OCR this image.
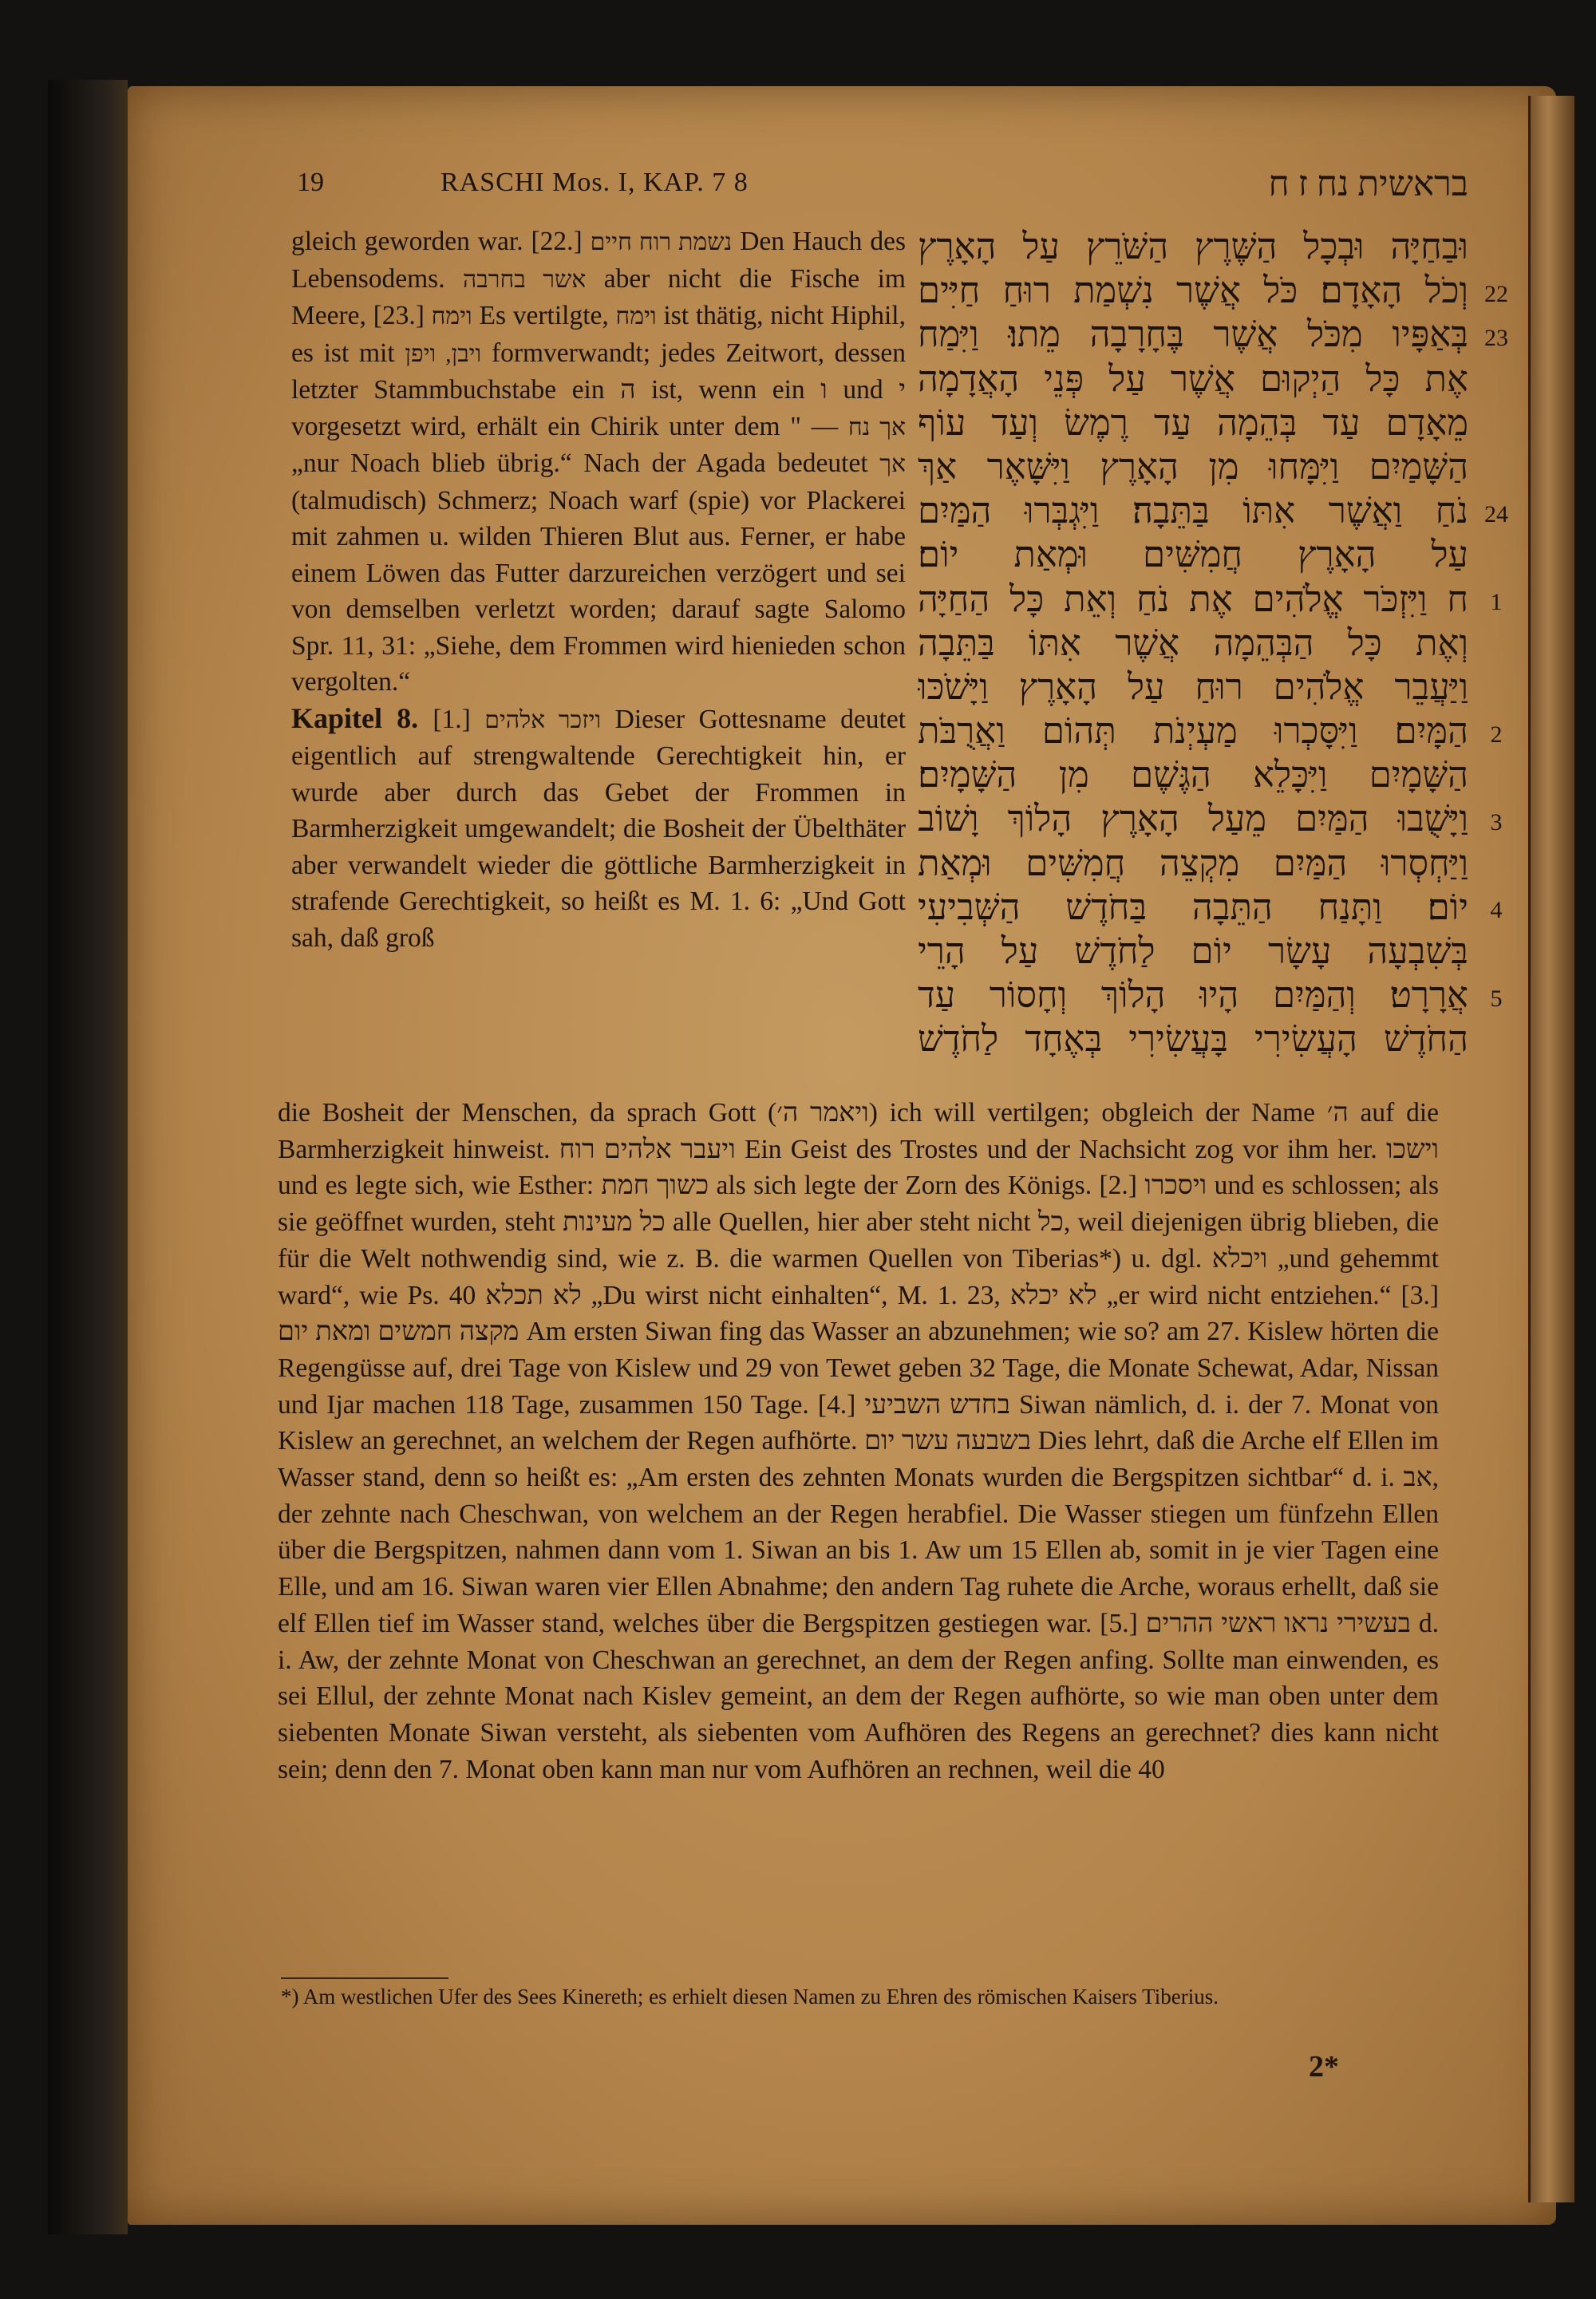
19	RASCHI Mos. I, KAP. 7 8	בראשית נח ז ח

gleich geworden war. [22.] נשמת רוח חיים Den Hauch des Lebensodems. אשר בחרבה aber nicht die Fische im Meere, [23.] וימח Es vertilgte, וימח ist thätig, nicht Hiphil, es ist mit ויבן, ויפן formverwandt; jedes Zeitwort, dessen letzter Stammbuchstabe ein ה ist, wenn ein ו und י vorgesetzt wird, erhält ein Chirik unter dem " — אך נח „nur Noach blieb übrig.“ Nach der Agada bedeutet אך (talmudisch) Schmerz; Noach warf (spie) vor Plackerei mit zahmen u. wilden Thieren Blut aus. Ferner, er habe einem Löwen das Futter darzureichen verzögert und sei von demselben verletzt worden; darauf sagte Salomo Spr. 11, 31: „Siehe, dem Frommen wird hienieden schon vergolten.“

Kapitel 8. [1.] ויזכר אלהים Dieser Gottesname deutet eigentlich auf strengwaltende Gerechtigkeit hin, er wurde aber durch das Gebet der Frommen in Barmherzigkeit umgewandelt; die Bosheit der Übelthäter aber verwandelt wieder die göttliche Barmherzigkeit in strafende Gerechtigkeit, so heißt es M. 1. 6: „Und Gott sah, daß groß

וּבַחַיָּה וּבְכָל הַשֶּׁרֶץ הַשֹּׁרֵץ עַל הָאָרֶץ
וְכֹל הָאָדָם׃ כֹּל אֲשֶׁר נִשְׁמַת רוּחַ חַיִּים
בְּאַפָּיו מִכֹּל אֲשֶׁר בֶּחָרָבָה מֵתוּ׃ וַיִּמַח
אֶת כָּל הַיְקוּם אֲשֶׁר עַל פְּנֵי הָאֲדָמָה
מֵאָדָם עַד בְּהֵמָה עַד רֶמֶשׂ וְעַד עוֹף
הַשָּׁמַיִם וַיִּמָּחוּ מִן הָאָרֶץ וַיִּשָּׁאֶר אַךְ
נֹחַ וַאֲשֶׁר אִתּוֹ בַּתֵּבָה׃ וַיִּגְבְּרוּ הַמַּיִם
עַל הָאָרֶץ חֲמִשִּׁים וּמְאַת יוֹם׃
ח וַיִּזְכֹּר אֱלֹהִים אֶת נֹחַ וְאֵת כָּל הַחַיָּה
וְאֶת כָּל הַבְּהֵמָה אֲשֶׁר אִתּוֹ בַּתֵּבָה
וַיַּעֲבֵר אֱלֹהִים רוּחַ עַל הָאָרֶץ וַיָּשֹׁכּוּ
הַמָּיִם׃ וַיִּסָּכְרוּ מַעְיְנֹת תְּהוֹם וַאֲרֻבֹּת
הַשָּׁמָיִם וַיִּכָּלֵא הַגֶּשֶׁם מִן הַשָּׁמָיִם׃
וַיָּשֻׁבוּ הַמַּיִם מֵעַל הָאָרֶץ הָלוֹךְ וָשׁוֹב
וַיַּחְסְרוּ הַמַּיִם מִקְצֵה חֲמִשִּׁים וּמְאַת
יוֹם׃ וַתָּנַח הַתֵּבָה בַּחֹדֶשׁ הַשְּׁבִיעִי
בְּשִׁבְעָה עָשָׂר יוֹם לַחֹדֶשׁ עַל הָרֵי
אֲרָרָט׃ וְהַמַּיִם הָיוּ הָלוֹךְ וְחָסוֹר עַד
הַחֹדֶשׁ הָעֲשִׂירִי בָּעֲשִׂירִי בְּאֶחָד לַחֹדֶשׁ
22
23
24
1
2
3
4
5

die Bosheit der Menschen, da sprach Gott (ויאמר ה׳) ich will vertilgen; obgleich der Name ה׳ auf die Barmherzigkeit hinweist. ויעבר אלהים רוח Ein Geist des Trostes und der Nachsicht zog vor ihm her. וישכו und es legte sich, wie Esther: כשוך חמת als sich legte der Zorn des Königs. [2.] ויסכרו und es schlossen; als sie geöffnet wurden, steht כל מעינות alle Quellen, hier aber steht nicht כל, weil diejenigen übrig blieben, die für die Welt nothwendig sind, wie z. B. die warmen Quellen von Tiberias*) u. dgl. ויכלא „und gehemmt ward“, wie Ps. 40 לא תכלא „Du wirst nicht einhalten“, M. 1. 23, לא יכלא „er wird nicht entziehen.“ [3.] מקצה חמשים ומאת יום Am ersten Siwan fing das Wasser an abzunehmen; wie so? am 27. Kislew hörten die Regengüsse auf, drei Tage von Kislew und 29 von Tewet geben 32 Tage, die Monate Schewat, Adar, Nissan und Ijar machen 118 Tage, zusammen 150 Tage. [4.] בחדש השביעי Siwan nämlich, d. i. der 7. Monat von Kislew an gerechnet, an welchem der Regen aufhörte. בשבעה עשר יום Dies lehrt, daß die Arche elf Ellen im Wasser stand, denn so heißt es: „Am ersten des zehnten Monats wurden die Bergspitzen sichtbar“ d. i. אב, der zehnte nach Cheschwan, von welchem an der Regen herabfiel. Die Wasser stiegen um fünfzehn Ellen über die Bergspitzen, nahmen dann vom 1. Siwan an bis 1. Aw um 15 Ellen ab, somit in je vier Tagen eine Elle, und am 16. Siwan waren vier Ellen Abnahme; den andern Tag ruhete die Arche, woraus erhellt, daß sie elf Ellen tief im Wasser stand, welches über die Bergspitzen gestiegen war. [5.] בעשירי נראו ראשי ההרים d. i. Aw, der zehnte Monat von Cheschwan an gerechnet, an dem der Regen anfing. Sollte man einwenden, es sei Ellul, der zehnte Monat nach Kislev gemeint, an dem der Regen aufhörte, so wie man oben unter dem siebenten Monate Siwan versteht, als siebenten vom Aufhören des Regens an gerechnet? dies kann nicht sein; denn den 7. Monat oben kann man nur vom Aufhören an rechnen, weil die 40

*) Am westlichen Ufer des Sees Kinereth; es erhielt diesen Namen zu Ehren des römischen Kaisers Tiberius.
2*
